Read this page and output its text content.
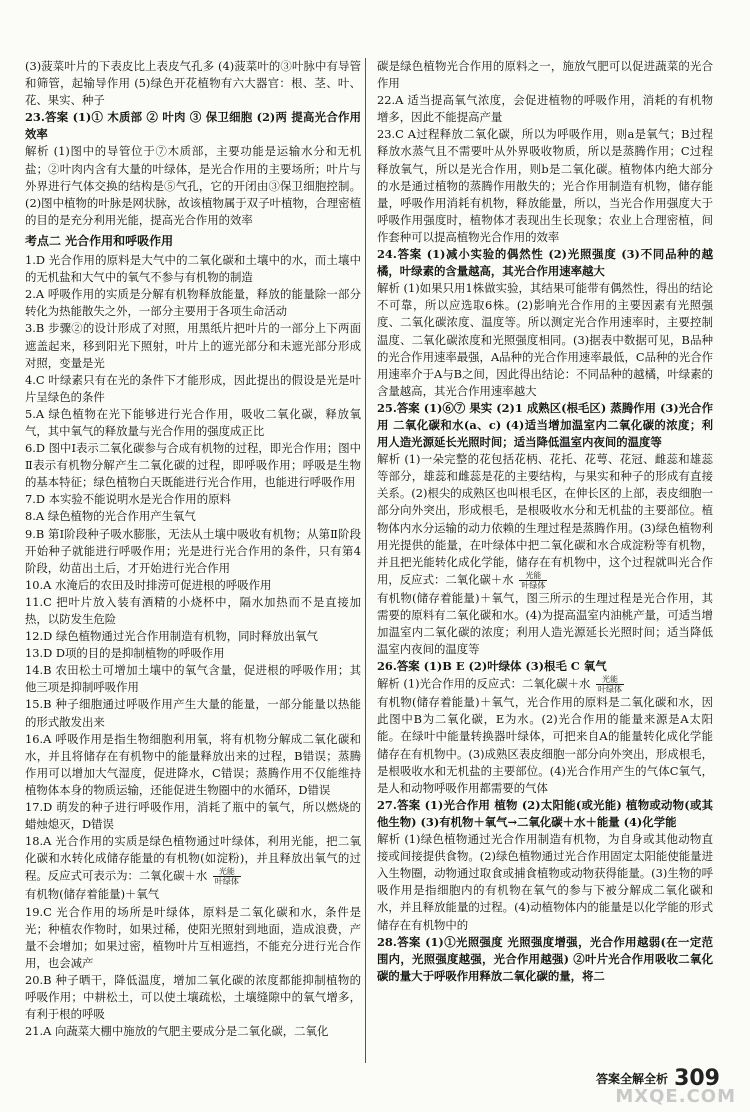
(3)菠菜叶片的下表皮比上表皮气孔多 (4)菠菜叶的③叶脉中有导管和筛管，起输导作用 (5)绿色开花植物有六大器官：根、茎、叶、花、果实、种子

23.答案 (1)① 木质部 ② 叶肉 ③ 保卫细胞 (2)两 提高光合作用效率

解析 (1)图中的导管位于⑦木质部，主要功能是运输水分和无机盐；②叶肉内含有大量的叶绿体，是光合作用的主要场所；叶片与外界进行气体交换的结构是⑤气孔，它的开闭由③保卫细胞控制。(2)图中植物的叶脉是网状脉，故该植物属于双子叶植物，合理密植的目的是充分利用光能，提高光合作用的效率

考点二 光合作用和呼吸作用

1.D 光合作用的原料是大气中的二氧化碳和土壤中的水，而土壤中的无机盐和大气中的氧气不参与有机物的制造

2.A 呼吸作用的实质是分解有机物释放能量，释放的能量除一部分转化为热能散失之外，一部分主要用于各项生命活动

3.B 步骤②的设计形成了对照，用黑纸片把叶片的一部分上下两面遮盖起来，移到阳光下照射，叶片上的遮光部分和未遮光部分形成对照，变量是光

4.C 叶绿素只有在光的条件下才能形成，因此提出的假设是光是叶片呈绿色的条件

5.A 绿色植物在光下能够进行光合作用，吸收二氧化碳，释放氧气，其中氧气的释放量与光合作用的强度成正比

6.D 图中Ⅰ表示二氧化碳参与合成有机物的过程，即光合作用；图中Ⅱ表示有机物分解产生二氧化碳的过程，即呼吸作用；呼吸是生物的基本特征；绿色植物白天既能进行光合作用，也能进行呼吸作用

7.D 本实验不能说明水是光合作用的原料

8.A 绿色植物的光合作用产生氧气

9.B 第Ⅰ阶段种子吸水膨胀，无法从土壤中吸收有机物；从第Ⅱ阶段开始种子就能进行呼吸作用；光是进行光合作用的条件，只有第4阶段，幼苗出土后，才开始进行光合作用

10.A 水淹后的农田及时排涝可促进根的呼吸作用

11.C 把叶片放入装有酒精的小烧杯中，隔水加热而不是直接加热，以防发生危险

12.D 绿色植物通过光合作用制造有机物，同时释放出氧气

13.D D项的目的是抑制植物的呼吸作用

14.B 农田松土可增加土壤中的氧气含量，促进根的呼吸作用；其他三项是抑制呼吸作用

15.B 种子细胞通过呼吸作用产生大量的能量，一部分能量以热能的形式散发出来

16.A 呼吸作用是指生物细胞利用氧，将有机物分解成二氧化碳和水，并且将储存在有机物中的能量释放出来的过程，B错误；蒸腾作用可以增加大气湿度，促进降水，C错误；蒸腾作用不仅能维持植物体本身的物质运输，还能促进生物圈中的水循环，D错误

17.D 萌发的种子进行呼吸作用，消耗了瓶中的氧气，所以燃烧的蜡烛熄灭，D错误

18.A 光合作用的实质是绿色植物通过叶绿体，利用光能，把二氧化碳和水转化成储存能量的有机物(如淀粉)，并且释放出氧气的过程。反应式可表示为：二氧化碳＋水 $\frac{\text{光能}}{\text{叶绿体}}$

有机物(储存着能量)＋氧气

19.C 光合作用的场所是叶绿体，原料是二氧化碳和水，条件是光；种植农作物时，如果过稀，使阳光照射到地面，造成浪费，产量不会增加；如果过密，植物叶片互相遮挡，不能充分进行光合作用，也会减产

20.B 种子晒干，降低温度，增加二氧化碳的浓度都能抑制植物的呼吸作用；中耕松土，可以使土壤疏松，土壤缝隙中的氧气增多，有利于根的呼吸

21.A 向蔬菜大棚中施放的气肥主要成分是二氧化碳，二氧化

碳是绿色植物光合作用的原料之一，施放气肥可以促进蔬菜的光合作用

22.A 适当提高氧气浓度，会促进植物的呼吸作用，消耗的有机物增多，因此不能提高产量

23.C A过程释放二氧化碳，所以为呼吸作用，则a是氧气；B过程释放水蒸气且不需要叶从外界吸收物质，所以是蒸腾作用；C过程释放氧气，所以是光合作用，则b是二氧化碳。植物体内绝大部分的水是通过植物的蒸腾作用散失的；光合作用制造有机物，储存能量，呼吸作用消耗有机物，释放能量，所以，当光合作用强度大于呼吸作用强度时，植物体才表现出生长现象；农业上合理密植，间作套种可以提高植物光合作用的效率

24.答案 (1)减小实验的偶然性 (2)光照强度 (3)不同品种的越橘，叶绿素的含量越高，其光合作用速率越大

解析 (1)如果只用1株做实验，其结果可能带有偶然性，得出的结论不可靠，所以应选取6株。(2)影响光合作用的主要因素有光照强度、二氧化碳浓度、温度等。所以测定光合作用速率时，主要控制温度、二氧化碳浓度和光照强度相同。(3)据表中数据可见，B品种的光合作用速率最强，A品种的光合作用速率最低，C品种的光合作用速率介于A与B之间，因此得出结论：不同品种的越橘，叶绿素的含量越高，其光合作用速率越大

25.答案 (1)⑥⑦ 果实 (2)1 成熟区(根毛区) 蒸腾作用 (3)光合作用 二氧化碳和水(a、c) (4)适当增加温室内二氧化碳的浓度；利用人造光源延长光照时间；适当降低温室内夜间的温度等

解析 (1)一朵完整的花包括花柄、花托、花萼、花冠、雌蕊和雄蕊等部分，雄蕊和雌蕊是花的主要结构，与果实和种子的形成有直接关系。(2)根尖的成熟区也叫根毛区，在伸长区的上部，表皮细胞一部分向外突出，形成根毛，是根吸收水分和无机盐的主要部位。植物体内水分运输的动力依赖的生理过程是蒸腾作用。(3)绿色植物利用光提供的能量，在叶绿体中把二氧化碳和水合成淀粉等有机物，并且把光能转化成化学能，储存在有机物中，这个过程就叫光合作用，反应式：二氧化碳＋水 $\frac{\text{光能}}{\text{叶绿体}}$

有机物(储存着能量)＋氧气，图三所示的生理过程是光合作用，其需要的原料有二氧化碳和水。(4)为提高温室内油桃产量，可适当增加温室内二氧化碳的浓度；利用人造光源延长光照时间；适当降低温室内夜间的温度等

26.答案 (1)B E (2)叶绿体 (3)根毛 C 氧气

解析 (1)光合作用的反应式：二氧化碳＋水 $\frac{\text{光能}}{\text{叶绿体}}$

有机物(储存着能量)＋氧气，光合作用的原料是二氧化碳和水，因此图中B为二氧化碳，E为水。(2)光合作用的能量来源是A太阳能。在绿叶中能量转换器叶绿体，可把来自A的能量转化成化学能储存在有机物中。(3)成熟区表皮细胞一部分向外突出，形成根毛，是根吸收水和无机盐的主要部位。(4)光合作用产生的气体C氧气，是人和动物呼吸作用都需要的气体

27.答案 (1)光合作用 植物 (2)太阳能(或光能) 植物或动物(或其他生物) (3)有机物＋氧气→二氧化碳＋水＋能量 (4)化学能

解析 (1)绿色植物通过光合作用制造有机物，为自身或其他动物直接或间接提供食物。(2)绿色植物通过光合作用固定太阳能使能量进入生物圈，动物通过取食或捕食植物或动物获得能量。(3)生物的呼吸作用是指细胞内的有机物在氧气的参与下被分解成二氧化碳和水，并且释放能量的过程。(4)动植物体内的能量是以化学能的形式储存在有机物中的

28.答案 (1)①光照强度 光照强度增强，光合作用越弱(在一定范围内，光照强度越强，光合作用越强) ②叶片光合作用吸收二氧化碳的量大于呼吸作用释放二氧化碳的量，将二

答案全解全析 309
MXQE.COM
